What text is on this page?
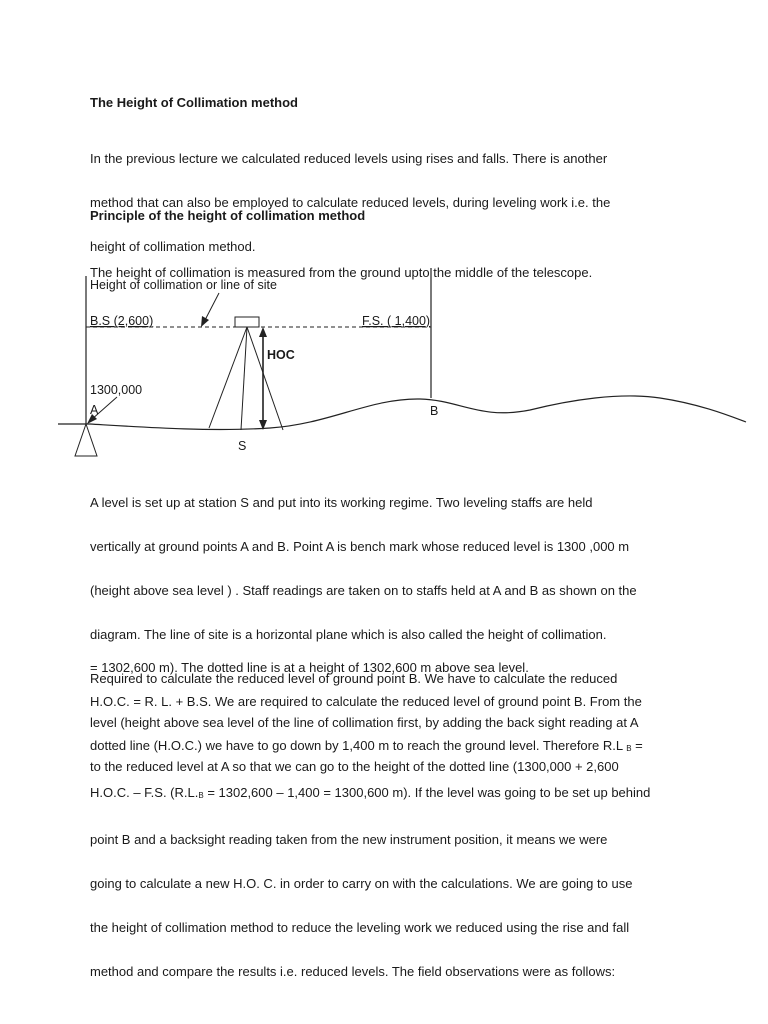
The Height of Collimation method

In the previous lecture we calculated reduced levels using rises and falls. There is another

method that can also be employed to calculate reduced levels, during leveling work i.e. the

height of collimation method.

Principle of the height of collimation method

The height of collimation is measured from the ground upto the middle of the telescope.

Height of collimation or line of site
B.S (2,600)	F.S. ( 1,400)
HOC
1300,000
A	B
S

A level is set up at station S and put into its working regime. Two leveling staffs are held

vertically at ground points A and B. Point A is bench mark whose reduced level is 1300 ,000 m

(height above sea level ) . Staff readings are taken on to staffs held at A and B as shown on the

diagram. The line of site is a horizontal plane which is also called the height of collimation.

Required to calculate the reduced level of ground point B. We have to calculate the reduced

level (height above sea level of the line of collimation first, by adding the back sight reading at A

to the reduced level at A so that we can go to the height of the dotted line (1300,000 + 2,600

= 1302,600 m). The dotted line is at a height of 1302,600 m above sea level.

H.O.C. = R. L. + B.S. We are required to calculate the reduced level of ground point B. From the

dotted line (H.O.C.) we have to go down by 1,400 m to reach the ground level. Therefore R.L $_B$ =

H.O.C. – F.S. ($R.L._B = 1302,600 - 1,400 = 1300,600$ m). If the level was going to be set up behind

point B and a backsight reading taken from the new instrument position, it means we were

going to calculate a new H.O. C. in order to carry on with the calculations. We are going to use

the height of collimation method to reduce the leveling work we reduced using the rise and fall

method and compare the results i.e. reduced levels. The field observations were as follows:
